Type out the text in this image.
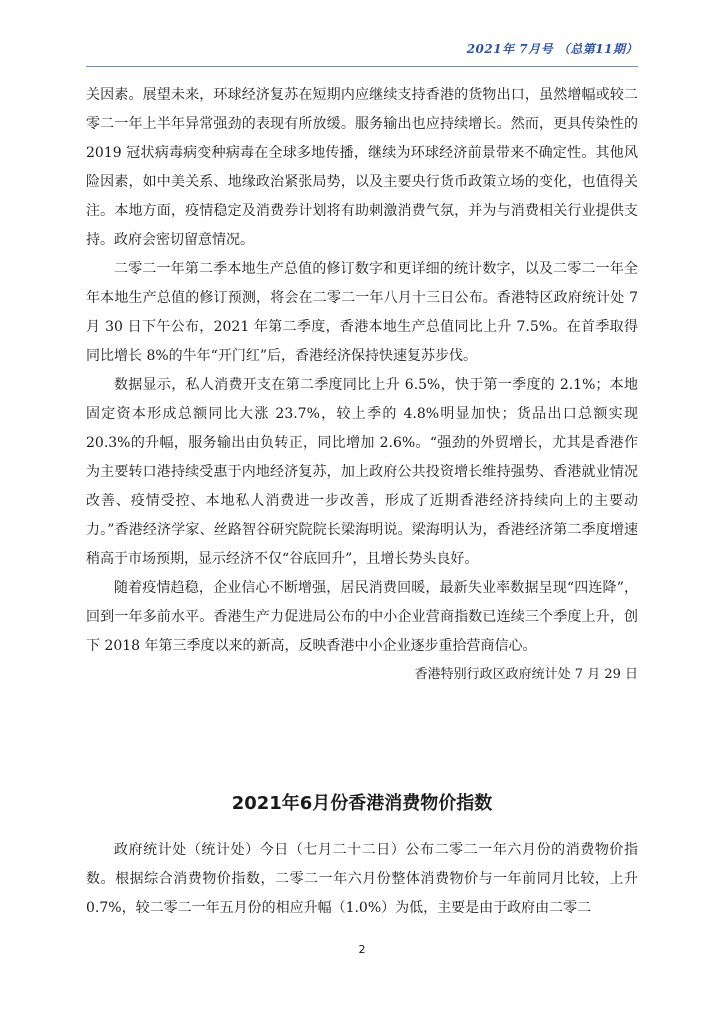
2021年 7月号 （总第11期）

关因素。展望未来，环球经济复苏在短期内应继续支持香港的货物出口，虽然增幅或较二零二一年上半年异常强劲的表现有所放缓。服务输出也应持续增长。然而，更具传染性的 2019 冠状病毒病变种病毒在全球多地传播，继续为环球经济前景带来不确定性。其他风险因素，如中美关系、地缘政治紧张局势，以及主要央行货币政策立场的变化，也值得关注。本地方面，疫情稳定及消费券计划将有助刺激消费气氛，并为与消费相关行业提供支持。政府会密切留意情况。

二零二一年第二季本地生产总值的修订数字和更详细的统计数字，以及二零二一年全年本地生产总值的修订预测，将会在二零二一年八月十三日公布。香港特区政府统计处 7 月 30 日下午公布，2021 年第二季度，香港本地生产总值同比上升 7.5%。在首季取得同比增长 8%的牛年“开门红”后，香港经济保持快速复苏步伐。

数据显示，私人消费开支在第二季度同比上升 6.5%，快于第一季度的 2.1%；本地固定资本形成总额同比大涨 23.7%，较上季的 4.8%明显加快；货品出口总额实现 20.3%的升幅，服务输出由负转正，同比增加 2.6%。“强劲的外贸增长，尤其是香港作为主要转口港持续受惠于内地经济复苏，加上政府公共投资增长维持强势、香港就业情况改善、疫情受控、本地私人消费进一步改善，形成了近期香港经济持续向上的主要动力。”香港经济学家、丝路智谷研究院院长梁海明说。梁海明认为，香港经济第二季度增速稍高于市场预期，显示经济不仅“谷底回升”，且增长势头良好。

随着疫情趋稳，企业信心不断增强，居民消费回暖，最新失业率数据呈现“四连降”，回到一年多前水平。香港生产力促进局公布的中小企业营商指数已连续三个季度上升，创下 2018 年第三季度以来的新高，反映香港中小企业逐步重拾营商信心。

香港特别行政区政府统计处 7 月 29 日

2021年6月份香港消费物价指数

政府统计处（统计处）今日（七月二十二日）公布二零二一年六月份的消费物价指数。根据综合消费物价指数，二零二一年六月份整体消费物价与一年前同月比较，上升 0.7%，较二零二一年五月份的相应升幅（1.0%）为低，主要是由于政府由二零二

2
